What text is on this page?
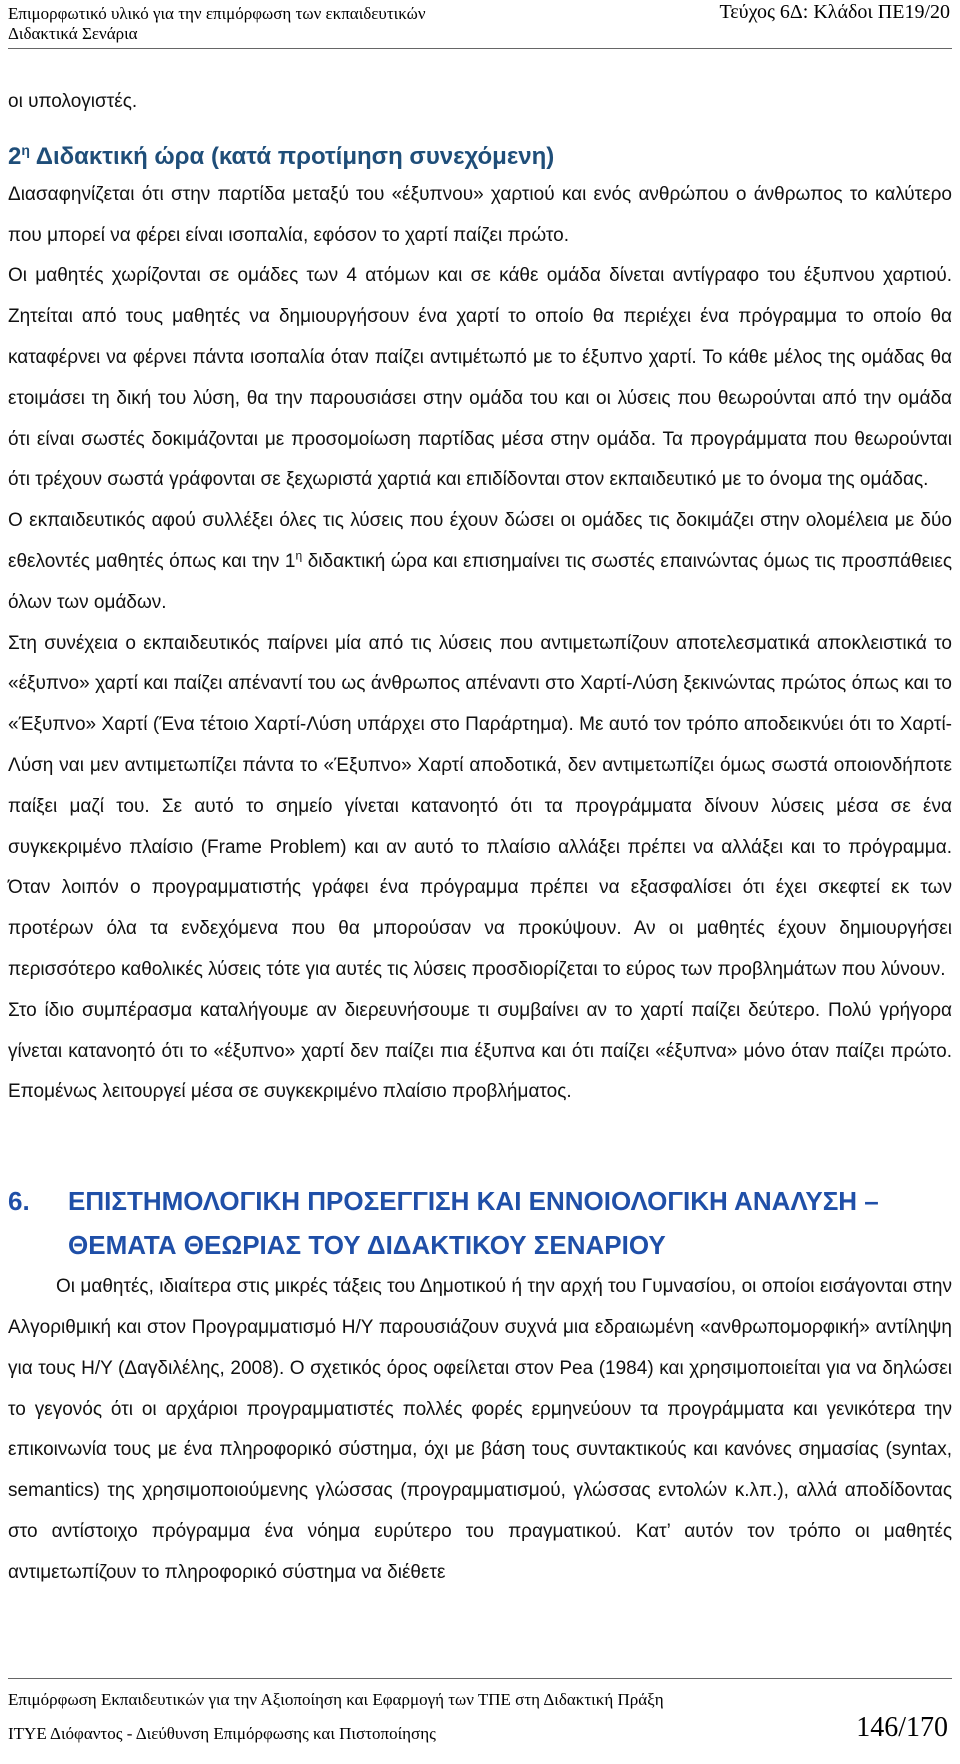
Επιμορφωτικό υλικό για την επιμόρφωση των εκπαιδευτικών
Διδακτικά Σενάρια
Τεύχος 6Δ: Κλάδοι ΠΕ19/20

οι υπολογιστές.

$2^\eta$ Διδακτική ώρα (κατά προτίμηση συνεχόμενη)

Διασαφηνίζεται ότι στην παρτίδα μεταξύ του «έξυπνου» χαρτιού και ενός ανθρώπου ο άνθρωπος το καλύτερο που μπορεί να φέρει είναι ισοπαλία, εφόσον το χαρτί παίζει πρώτο.

Οι μαθητές χωρίζονται σε ομάδες των 4 ατόμων και σε κάθε ομάδα δίνεται αντίγραφο του έξυπνου χαρτιού. Ζητείται από τους μαθητές να δημιουργήσουν ένα χαρτί το οποίο θα περιέχει ένα πρόγραμμα το οποίο θα καταφέρνει να φέρνει πάντα ισοπαλία όταν παίζει αντιμέτωπό με το έξυπνο χαρτί. Το κάθε μέλος της ομάδας θα ετοιμάσει τη δική του λύση, θα την παρουσιάσει στην ομάδα του και οι λύσεις που θεωρούνται από την ομάδα ότι είναι σωστές δοκιμάζονται με προσομοίωση παρτίδας μέσα στην ομάδα. Τα προγράμματα που θεωρούνται ότι τρέχουν σωστά γράφονται σε ξεχωριστά χαρτιά και επιδίδονται στον εκπαιδευτικό με το όνομα της ομάδας.

Ο εκπαιδευτικός αφού συλλέξει όλες τις λύσεις που έχουν δώσει οι ομάδες τις δοκιμάζει στην ολομέλεια με δύο εθελοντές μαθητές όπως και την $1^\eta$ διδακτική ώρα και επισημαίνει τις σωστές επαινώντας όμως τις προσπάθειες όλων των ομάδων.

Στη συνέχεια ο εκπαιδευτικός παίρνει μία από τις λύσεις που αντιμετωπίζουν αποτελεσματικά αποκλειστικά το «έξυπνο» χαρτί και παίζει απέναντί του ως άνθρωπος απέναντι στο Χαρτί-Λύση ξεκινώντας πρώτος όπως και το «Έξυπνο» Χαρτί (Ένα τέτοιο Χαρτί-Λύση υπάρχει στο Παράρτημα). Με αυτό τον τρόπο αποδεικνύει ότι το Χαρτί-Λύση ναι μεν αντιμετωπίζει πάντα το «Έξυπνο» Χαρτί αποδοτικά, δεν αντιμετωπίζει όμως σωστά οποιονδήποτε παίξει μαζί του. Σε αυτό το σημείο γίνεται κατανοητό ότι τα προγράμματα δίνουν λύσεις μέσα σε ένα συγκεκριμένο πλαίσιο (Frame Problem) και αν αυτό το πλαίσιο αλλάξει πρέπει να αλλάξει και το πρόγραμμα. Όταν λοιπόν ο προγραμματιστής γράφει ένα πρόγραμμα πρέπει να εξασφαλίσει ότι έχει σκεφτεί εκ των προτέρων όλα τα ενδεχόμενα που θα μπορούσαν να προκύψουν. Αν οι μαθητές έχουν δημιουργήσει περισσότερο καθολικές λύσεις τότε για αυτές τις λύσεις προσδιορίζεται το εύρος των προβλημάτων που λύνουν.

Στο ίδιο συμπέρασμα καταλήγουμε αν διερευνήσουμε τι συμβαίνει αν το χαρτί παίζει δεύτερο. Πολύ γρήγορα γίνεται κατανοητό ότι το «έξυπνο» χαρτί δεν παίζει πια έξυπνα και ότι παίζει «έξυπνα» μόνο όταν παίζει πρώτο. Επομένως λειτουργεί μέσα σε συγκεκριμένο πλαίσιο προβλήματος.

6.	ΕΠΙΣΤΗΜΟΛΟΓΙΚΗ ΠΡΟΣΕΓΓΙΣΗ ΚΑΙ ΕΝΝΟΙΟΛΟΓΙΚΗ ΑΝΑΛΥΣΗ –
ΘΕΜΑΤΑ ΘΕΩΡΙΑΣ ΤΟΥ ΔΙΔΑΚΤΙΚΟΥ ΣΕΝΑΡΙΟΥ

Οι μαθητές, ιδιαίτερα στις μικρές τάξεις του Δημοτικού ή την αρχή του Γυμνασίου, οι οποίοι εισάγονται στην Αλγοριθμική και στον Προγραμματισμό Η/Υ παρουσιάζουν συχνά μια εδραιωμένη «ανθρωπομορφική» αντίληψη για τους Η/Υ (Δαγδιλέλης, 2008). Ο σχετικός όρος οφείλεται στον Pea (1984) και χρησιμοποιείται για να δηλώσει το γεγονός ότι οι αρχάριοι προγραμματιστές πολλές φορές ερμηνεύουν τα προγράμματα και γενικότερα την επικοινωνία τους με ένα πληροφορικό σύστημα, όχι με βάση τους συντακτικούς και κανόνες σημασίας (syntax, semantics) της χρησιμοποιούμενης γλώσσας (προγραμματισμού, γλώσσας εντολών κ.λπ.), αλλά αποδίδοντας στο αντίστοιχο πρόγραμμα ένα νόημα ευρύτερο του πραγματικού. Κατ’ αυτόν τον τρόπο οι μαθητές αντιμετωπίζουν το πληροφορικό σύστημα να διέθετε

Επιμόρφωση Εκπαιδευτικών για την Αξιοποίηση και Εφαρμογή των ΤΠΕ στη Διδακτική Πράξη
ΙΤΥΕ Διόφαντος - Διεύθυνση Επιμόρφωσης και Πιστοποίησης	146/170
